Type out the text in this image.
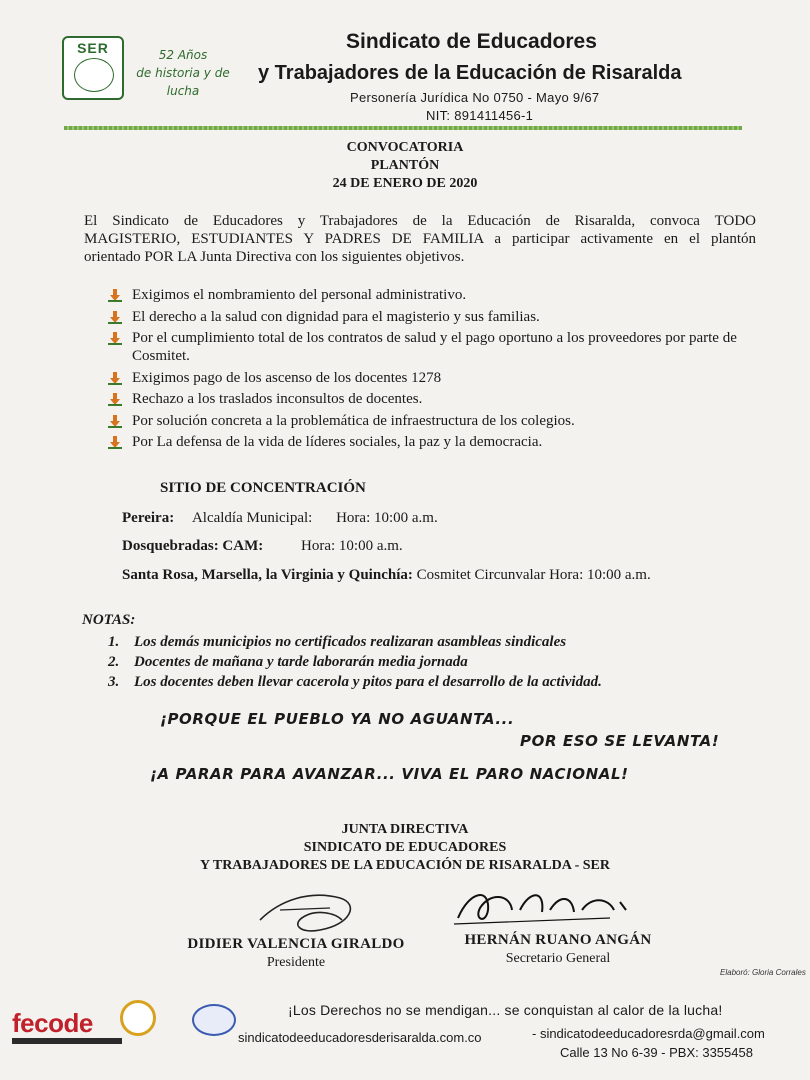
SER	52 Años
de historia y de lucha
Sindicato de Educadores
y Trabajadores de la Educación de Risaralda
Personería Jurídica No 0750 - Mayo 9/67
NIT: 891411456-1
CONVOCATORIA
PLANTÓN
24 DE ENERO DE 2020
El Sindicato de Educadores y Trabajadores de la Educación de Risaralda, convoca TODO
MAGISTERIO, ESTUDIANTES Y PADRES DE FAMILIA a participar activamente en el plantón
orientado POR LA Junta Directiva con los siguientes objetivos.
Exigimos el nombramiento del personal administrativo.
El derecho a la salud con dignidad para el magisterio y sus familias.
Por el cumplimiento total de los contratos de salud y el pago oportuno a los proveedores por parte de Cosmitet.
Exigimos pago de los ascenso de los docentes 1278
Rechazo a los traslados inconsultos de docentes.
Por solución concreta a la problemática de infraestructura de los colegios.
Por La defensa de la vida de líderes sociales, la paz y la democracia.
SITIO DE CONCENTRACIÓN
Pereira: Alcaldía Municipal: Hora: 10:00 a.m.
Dosquebradas: CAM:	Hora: 10:00 a.m.
Santa Rosa, Marsella, la Virginia y Quinchía: Cosmitet Circunvalar Hora: 10:00 a.m.
NOTAS:
1. Los demás municipios no certificados realizaran asambleas sindicales
2. Docentes de mañana y tarde laborarán media jornada
3. Los docentes deben llevar cacerola y pitos para el desarrollo de la actividad.
¡PORQUE EL PUEBLO YA NO AGUANTA...
POR ESO SE LEVANTA!
¡A PARAR PARA AVANZAR... VIVA EL PARO NACIONAL!
JUNTA DIRECTIVA
SINDICATO DE EDUCADORES
Y TRABAJADORES DE LA EDUCACIÓN DE RISARALDA - SER
DIDIER VALENCIA GIRALDO
Presidente
HERNÁN RUANO ANGÁN
Secretario General
Elaboró: Gloria Corrales
fecode	¡Los Derechos no se mendigan... se conquistan al calor de la lucha!
sindicatodeeducadoresderisaralda.com.co	- sindicatodeeducadoresrda@gmail.com
Calle 13 No 6-39 - PBX: 3355458
